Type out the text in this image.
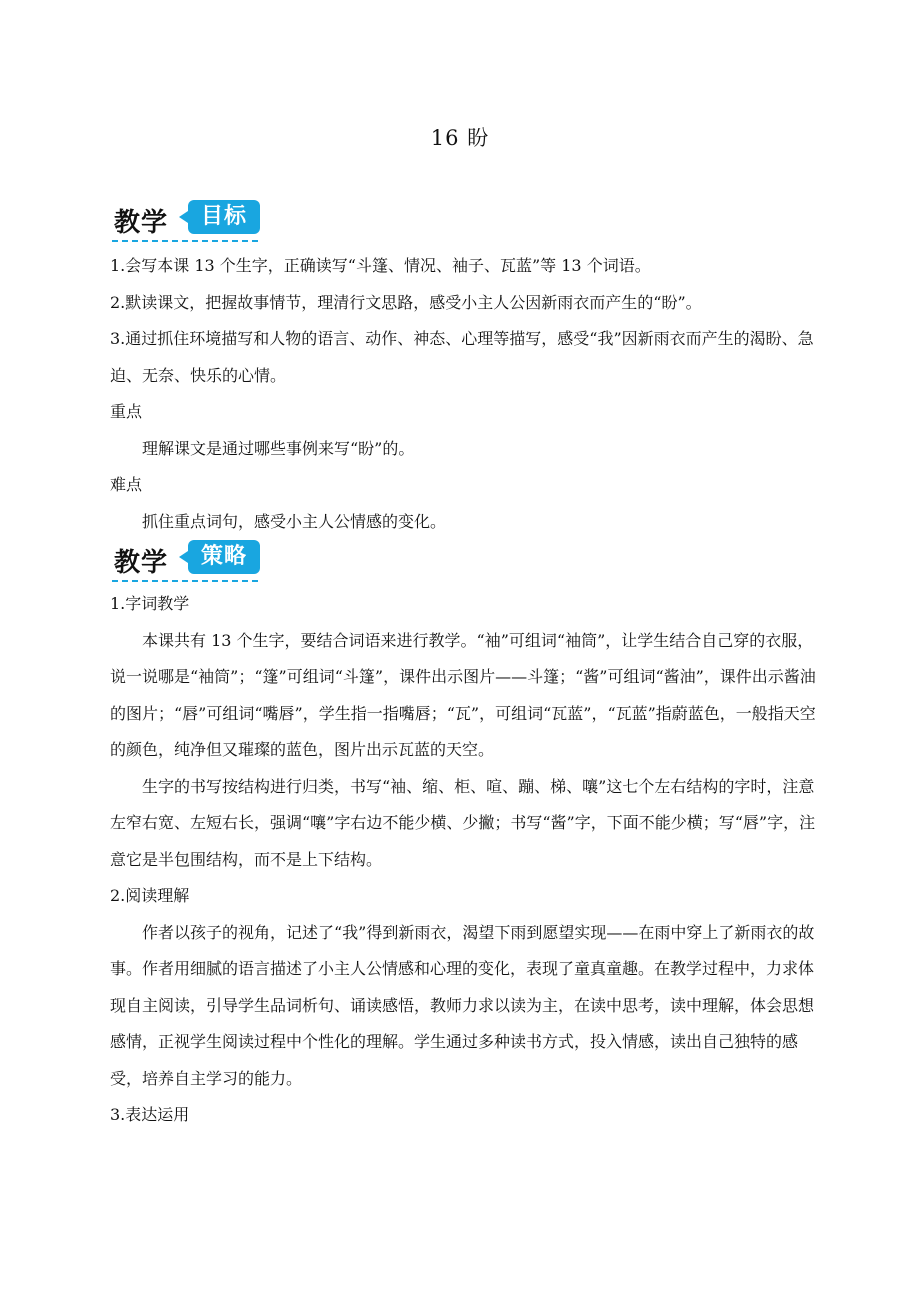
16 盼
教学	目标

1.会写本课 13 个生字，正确读写“斗篷、情况、袖子、瓦蓝”等 13 个词语。

2.默读课文，把握故事情节，理清行文思路，感受小主人公因新雨衣而产生的“盼”。

3.通过抓住环境描写和人物的语言、动作、神态、心理等描写，感受“我”因新雨衣而产生的渴盼、急迫、无奈、快乐的心情。

重点

理解课文是通过哪些事例来写“盼”的。

难点

抓住重点词句，感受小主人公情感的变化。

教学	策略

1.字词教学

本课共有 13 个生字，要结合词语来进行教学。“袖”可组词“袖筒”，让学生结合自己穿的衣服，说一说哪是“袖筒”；“篷”可组词“斗篷”，课件出示图片——斗篷；“酱”可组词“酱油”，课件出示酱油的图片；“唇”可组词“嘴唇”，学生指一指嘴唇；“瓦”，可组词“瓦蓝”，“瓦蓝”指蔚蓝色，一般指天空的颜色，纯净但又璀璨的蓝色，图片出示瓦蓝的天空。

生字的书写按结构进行归类，书写“袖、缩、柜、喧、蹦、梯、嚷”这七个左右结构的字时，注意左窄右宽、左短右长，强调“嚷”字右边不能少横、少撇；书写“酱”字，下面不能少横；写“唇”字，注意它是半包围结构，而不是上下结构。

2.阅读理解

作者以孩子的视角，记述了“我”得到新雨衣，渴望下雨到愿望实现——在雨中穿上了新雨衣的故事。作者用细腻的语言描述了小主人公情感和心理的变化，表现了童真童趣。在教学过程中，力求体现自主阅读，引导学生品词析句、诵读感悟，教师力求以读为主，在读中思考，读中理解，体会思想感情，正视学生阅读过程中个性化的理解。学生通过多种读书方式，投入情感，读出自己独特的感受，培养自主学习的能力。

3.表达运用
